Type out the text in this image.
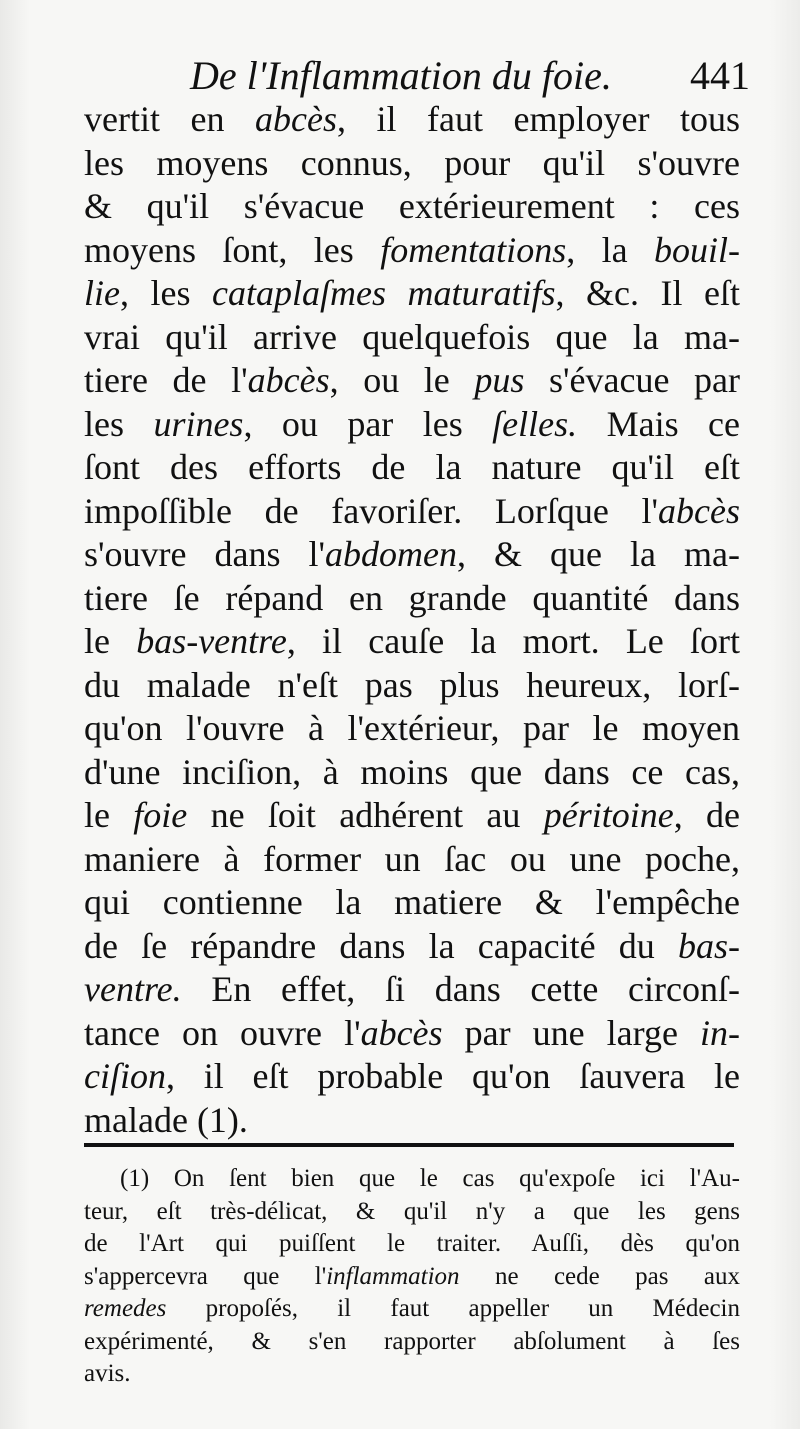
De l'Inflammation du foie. 441
vertit en abcès, il faut employer tous
les moyens connus, pour qu'il s'ouvre
& qu'il s'évacue extérieurement : ces
moyens ſont, les fomentations, la bouil-
lie, les cataplaſmes maturatifs, &c. Il eſt
vrai qu'il arrive quelquefois que la ma-
tiere de l'abcès, ou le pus s'évacue par
les urines, ou par les ſelles. Mais ce
ſont des efforts de la nature qu'il eſt
impoſſible de favoriſer. Lorſque l'abcès
s'ouvre dans l'abdomen, & que la ma-
tiere ſe répand en grande quantité dans
le bas-ventre, il cauſe la mort. Le ſort
du malade n'eſt pas plus heureux, lorſ-
qu'on l'ouvre à l'extérieur, par le moyen
d'une inciſion, à moins que dans ce cas,
le foie ne ſoit adhérent au péritoine, de
maniere à former un ſac ou une poche,
qui contienne la matiere & l'empêche
de ſe répandre dans la capacité du bas-
ventre. En effet, ſi dans cette circonſ-
tance on ouvre l'abcès par une large in-
ciſion, il eſt probable qu'on ſauvera le
malade (1).
(1) On ſent bien que le cas qu'expoſe ici l'Au-
teur, eſt très-délicat, & qu'il n'y a que les gens
de l'Art qui puiſſent le traiter. Auſſi, dès qu'on
s'appercevra que l'inflammation ne cede pas aux
remedes propoſés, il faut appeller un Médecin
expérimenté, & s'en rapporter abſolument à ſes
avis.
